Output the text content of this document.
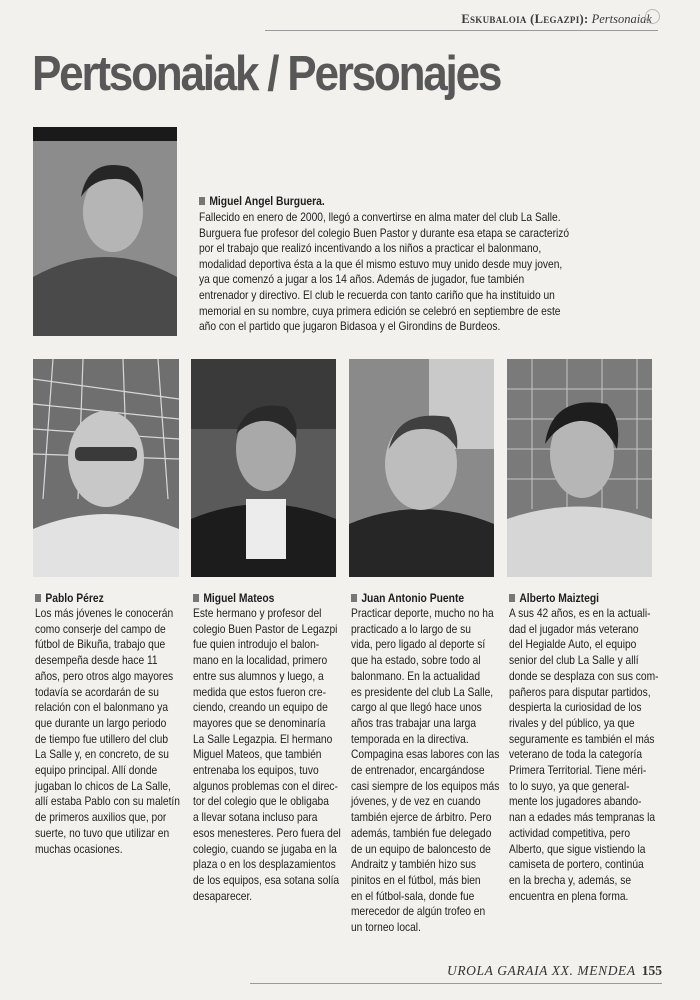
Eskubaloia (Legazpi): Pertsonaiak
Pertsonaiak / Personajes
Miguel Angel Burguera.
Fallecido en enero de 2000, llegó a convertirse en alma mater del club La Salle.
Burguera fue profesor del colegio Buen Pastor y durante esa etapa se caracterizó
por el trabajo que realizó incentivando a los niños a practicar el balonmano,
modalidad deportiva ésta a la que él mismo estuvo muy unido desde muy joven,
ya que comenzó a jugar a los 14 años. Además de jugador, fue también
entrenador y directivo. El club le recuerda con tanto cariño que ha instituido un
memorial en su nombre, cuya primera edición se celebró en septiembre de este
año con el partido que jugaron Bidasoa y el Girondins de Burdeos.
Pablo Pérez
Los más jóvenes le conocerán
como conserje del campo de
fútbol de Bikuña, trabajo que
desempeña desde hace 11
años, pero otros algo mayores
todavía se acordarán de su
relación con el balonmano ya
que durante un largo periodo
de tiempo fue utillero del club
La Salle y, en concreto, de su
equipo principal. Allí donde
jugaban lo chicos de La Salle,
allí estaba Pablo con su maletín
de primeros auxilios que, por
suerte, no tuvo que utilizar en
muchas ocasiones.
Miguel Mateos
Este hermano y profesor del
colegio Buen Pastor de Legazpi
fue quien introdujo el balon-
mano en la localidad, primero
entre sus alumnos y luego, a
medida que estos fueron cre-
ciendo, creando un equipo de
mayores que se denominaría
La Salle Legazpia. El hermano
Miguel Mateos, que también
entrenaba los equipos, tuvo
algunos problemas con el direc-
tor del colegio que le obligaba
a llevar sotana incluso para
esos menesteres. Pero fuera del
colegio, cuando se jugaba en la
plaza o en los desplazamientos
de los equipos, esa sotana solía
desaparecer.
Juan Antonio Puente
Practicar deporte, mucho no ha
practicado a lo largo de su
vida, pero ligado al deporte sí
que ha estado, sobre todo al
balonmano. En la actualidad
es presidente del club La Salle,
cargo al que llegó hace unos
años tras trabajar una larga
temporada en la directiva.
Compagina esas labores con las
de entrenador, encargándose
casi siempre de los equipos más
jóvenes, y de vez en cuando
también ejerce de árbitro. Pero
además, también fue delegado
de un equipo de baloncesto de
Andraitz y también hizo sus
pinitos en el fútbol, más bien
en el fútbol-sala, donde fue
merecedor de algún trofeo en
un torneo local.
Alberto Maiztegi
A sus 42 años, es en la actuali-
dad el jugador más veterano
del Hegialde Auto, el equipo
senior del club La Salle y allí
donde se desplaza con sus com-
pañeros para disputar partidos,
despierta la curiosidad de los
rivales y del público, ya que
seguramente es también el más
veterano de toda la categoría
Primera Territorial. Tiene méri-
to lo suyo, ya que general-
mente los jugadores abando-
nan a edades más tempranas la
actividad competitiva, pero
Alberto, que sigue vistiendo la
camiseta de portero, continúa
en la brecha y, además, se
encuentra en plena forma.
UROLA GARAIA XX. MENDEA 155
